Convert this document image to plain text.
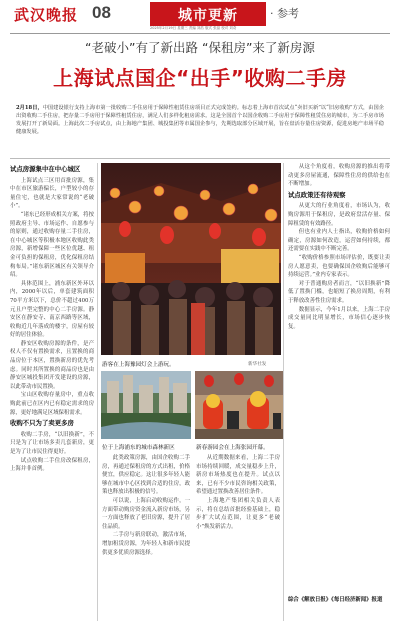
武汉晚报 08	城市更新	· 参考
2025年2月19日 星期三 责编 刘浩 版式 张晶 校对 刘奇
“老破小”有了新出路 “保租房”来了新房源
上海试点国企“出手”收购二手房
2月18日，中国建设银行支持上海市第一批收购二手住房用于保障性租赁住房项目正式完成签约。标志着上海市首次试点“卖旧买新”以“旧房收购”方式，由国企出资收购二手住房，把存量二手房用于保障性租赁住房，满足人们多样化租房需求。这是全国首个以国企收购二手房用于保障性租赁住房的城市，为二手房市场发展打开了新局面。上海此次二手房试点，由上海地产集团、城投集团等市属国企参与，先期选取部分区域开展，旨在盘活存量住房资源，促进房地产市场平稳健康发展。

试点房源集中在中心城区

上海试点三区用首批房源，集中在市区旅游偏长，户型较小的存量住宅，也就是大家常说的“老破小”。

“诸东已经形成相关方案，将按照政府主导、市场运作、自愿参与的原则，通过收购存量二手住房，在中心城区等积极本地区收购此类房源，新增保障一些区位优越、租金可负担的保租房，优化保租房结构布局。”诸东新区城区有关领导介绍。

具体范围上，浦东新区外环以内，2000年以后，单套建筑面积70平方米以下，总价不超过400万元且户型完整的中心二手房源。静安区在静安寺、南京西路等区域，收购近几年落成的楼宇，房屋有较好的居住体验。

静安区收购房源的条件，是产权人不仅有置换需求，且置换的商品房位于本区，置换新房的优先考虑。同时其所置换的商品房也是由静安区城投集团开发建设的房源，以此带动市民置换。

宝山区收购存量房中，重点收购此前已在区内已有稳定需求的房源，更好地满足区域保租需求。

收购不只为了卖更多房

收购二手房，“以旧换新”，不只是为了让市场多卖几套新房，更是为了让市民住得更好。

试点收购二手住房改保租房，上海并非首例。

游客在上海豫园灯会上游玩。	新华社发
位于上海浦东的城市森林新区	新春游园会在上海张园开幕。

此类政策房源，由国企收购二手房，再通过保租房的方式出租，价格便宜，供应稳定。这让很多年轻人能够在城市中心区找到合适的住房，政策也释放出积极的信号。

可以说，上海启动收购运作，一方面带动购房资金流入新房市场，另一方面也释放了老旧房源，提升了居住品质。

二手房与新房联动，激活市场，增加租赁房源，为年轻人和新市民提供更多优质房源选择。

从近期数据来看，上海二手房市场持续回暖，成交量稳步上升，新房市场热度也在提升。试点以来，已有不少市民咨询相关政策，希望通过置换改善居住条件。

上海地产集团相关负责人表示，将在总结首批经验基础上，稳步扩大试点范围，让更多“老破小”焕发新活力。

从这个角度看，收购房源的推出将带动更多房屋流通，保障性住房的供给也在不断增加。

试点政策还有待观察

从更大的行业角度看，市场认为，收购房源用于保租房，是政府盘活存量、保障租赁的有效路径。

但也有业内人士指出，收购价格如何确定，房源如何改造，运营如何持续，都还需要在实践中不断完善。

“收购价格参照市场评估价，既要让卖房人愿意卖，也要确保国企收购后能够可持续运营。”业内专家表示。

对于普通购房者而言，“以旧换新”降低了置换门槛，也缩短了换房周期，有利于释放改善性住房需求。

数据显示，今年1月以来，上海二手房成交量同比明显增长，市场信心逐步恢复。

综合《解放日报》《每日经济新闻》报道
